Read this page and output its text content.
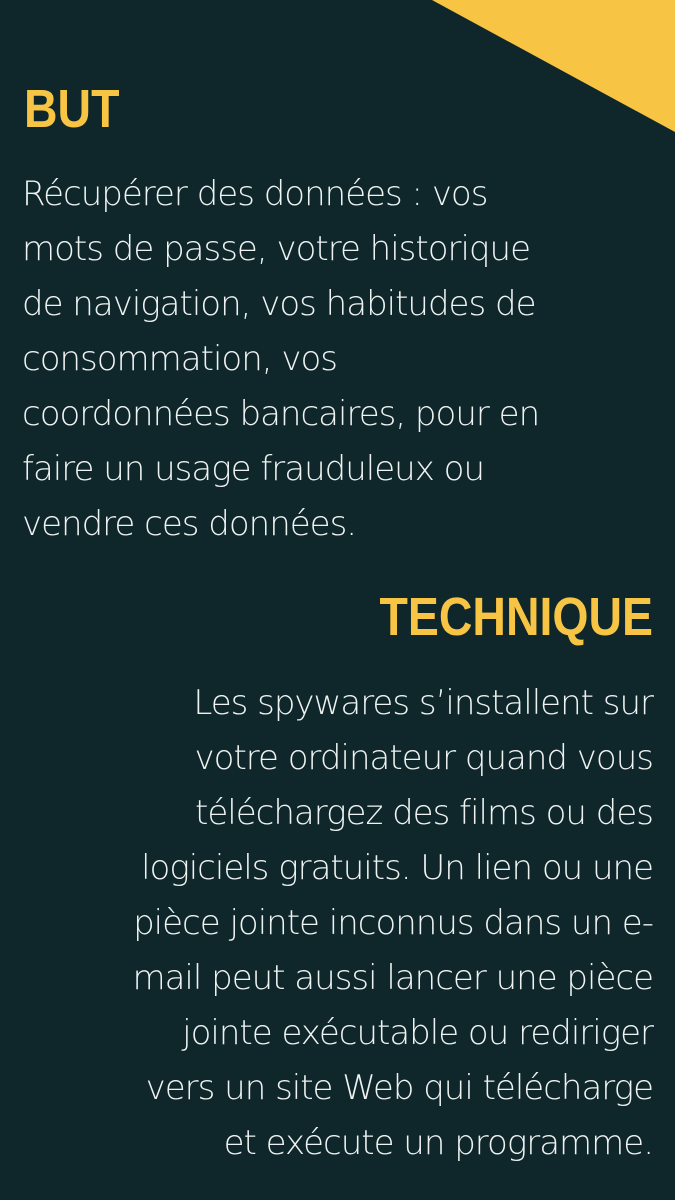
BUT

Récupérer des données : vos
mots de passe, votre historique
de navigation, vos habitudes de
consommation, vos
coordonnées bancaires, pour en
faire un usage frauduleux ou
vendre ces données.

TECHNIQUE

Les spywares s’installent sur
votre ordinateur quand vous
téléchargez des films ou des
logiciels gratuits. Un lien ou une
pièce jointe inconnus dans un e-
mail peut aussi lancer une pièce
jointe exécutable ou rediriger
vers un site Web qui télécharge
et exécute un programme.
